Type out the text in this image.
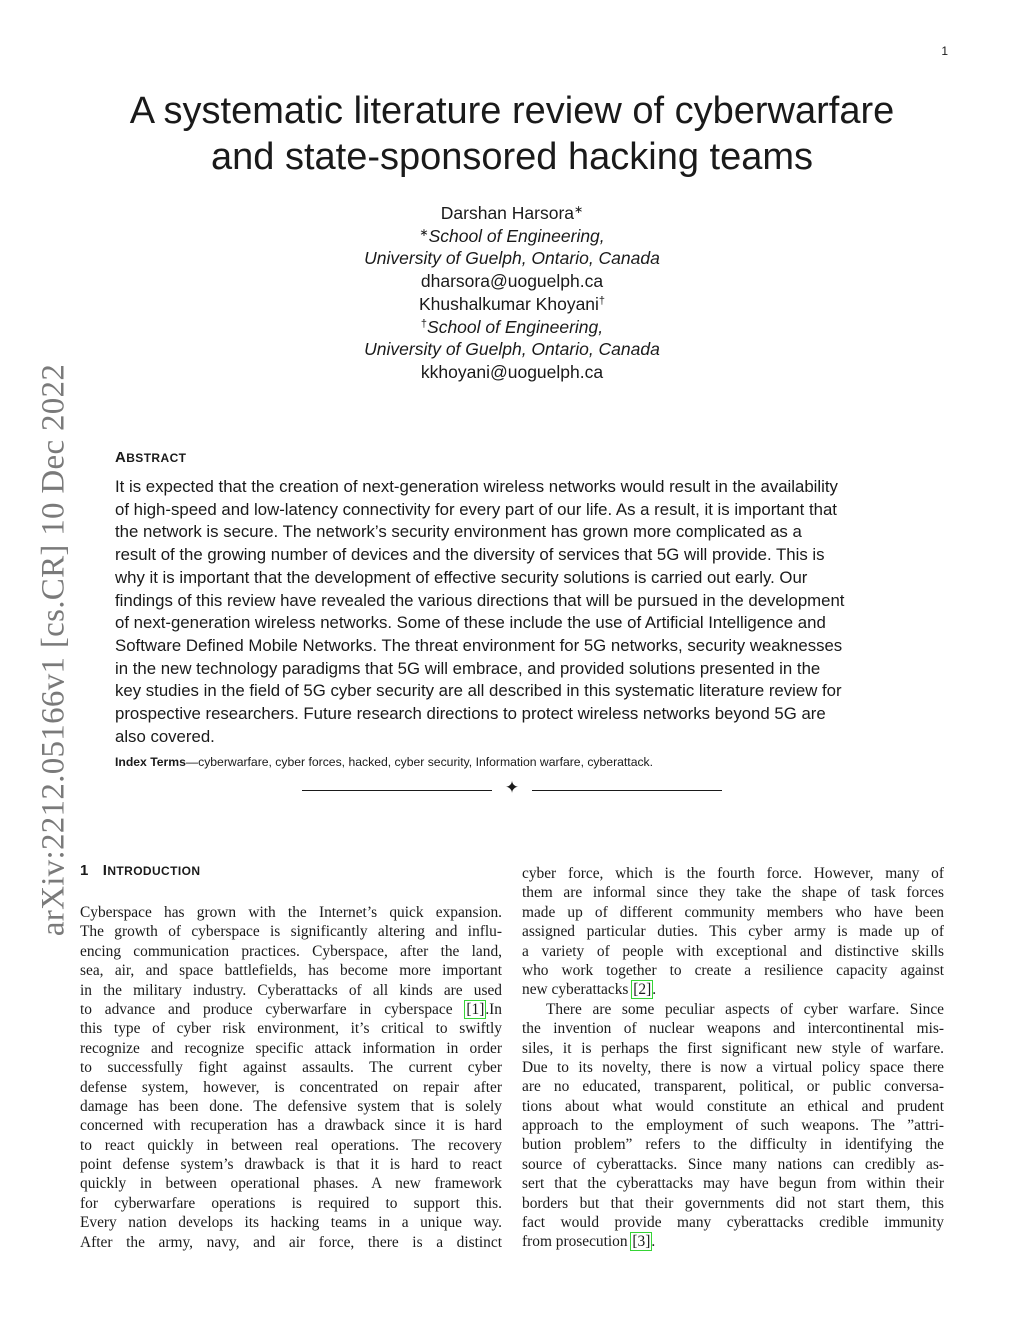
1
arXiv:2212.05166v1 [cs.CR] 10 Dec 2022
A systematic literature review of cyberwarfare
and state-sponsored hacking teams
Darshan Harsora∗
∗School of Engineering,
University of Guelph, Ontario, Canada
dharsora@uoguelph.ca
Khushalkumar Khoyani†
†School of Engineering,
University of Guelph, Ontario, Canada
kkhoyani@uoguelph.ca
ABSTRACT

It is expected that the creation of next-generation wireless networks would result in the availability
of high-speed and low-latency connectivity for every part of our life. As a result, it is important that
the network is secure. The network’s security environment has grown more complicated as a
result of the growing number of devices and the diversity of services that 5G will provide. This is
why it is important that the development of effective security solutions is carried out early. Our
findings of this review have revealed the various directions that will be pursued in the development
of next-generation wireless networks. Some of these include the use of Artificial Intelligence and
Software Defined Mobile Networks. The threat environment for 5G networks, security weaknesses
in the new technology paradigms that 5G will embrace, and provided solutions presented in the
key studies in the field of 5G cyber security are all described in this systematic literature review for
prospective researchers. Future research directions to protect wireless networks beyond 5G are
also covered.

Index Terms—cyberwarfare, cyber forces, hacked, cyber security, Information warfare, cyberattack.

✦
1 INTRODUCTION
Cyberspace has grown with the Internet’s quick expansion.
The growth of cyberspace is significantly altering and influ-
encing communication practices. Cyberspace, after the land,
sea, air, and space battlefields, has become more important
in the military industry. Cyberattacks of all kinds are used
to advance and produce cyberwarfare in cyberspace [1].In
this type of cyber risk environment, it’s critical to swiftly
recognize and recognize specific attack information in order
to successfully fight against assaults. The current cyber
defense system, however, is concentrated on repair after
damage has been done. The defensive system that is solely
concerned with recuperation has a drawback since it is hard
to react quickly in between real operations. The recovery
point defense system’s drawback is that it is hard to react
quickly in between operational phases. A new framework
for cyberwarfare operations is required to support this.
Every nation develops its hacking teams in a unique way.
After the army, navy, and air force, there is a distinct
cyber force, which is the fourth force. However, many of
them are informal since they take the shape of task forces
made up of different community members who have been
assigned particular duties. This cyber army is made up of
a variety of people with exceptional and distinctive skills
who work together to create a resilience capacity against
new cyberattacks [2].
There are some peculiar aspects of cyber warfare. Since
the invention of nuclear weapons and intercontinental mis-
siles, it is perhaps the first significant new style of warfare.
Due to its novelty, there is now a virtual policy space there
are no educated, transparent, political, or public conversa-
tions about what would constitute an ethical and prudent
approach to the employment of such weapons. The ”attri-
bution problem” refers to the difficulty in identifying the
source of cyberattacks. Since many nations can credibly as-
sert that the cyberattacks may have begun from within their
borders but that their governments did not start them, this
fact would provide many cyberattacks credible immunity
from prosecution [3].
